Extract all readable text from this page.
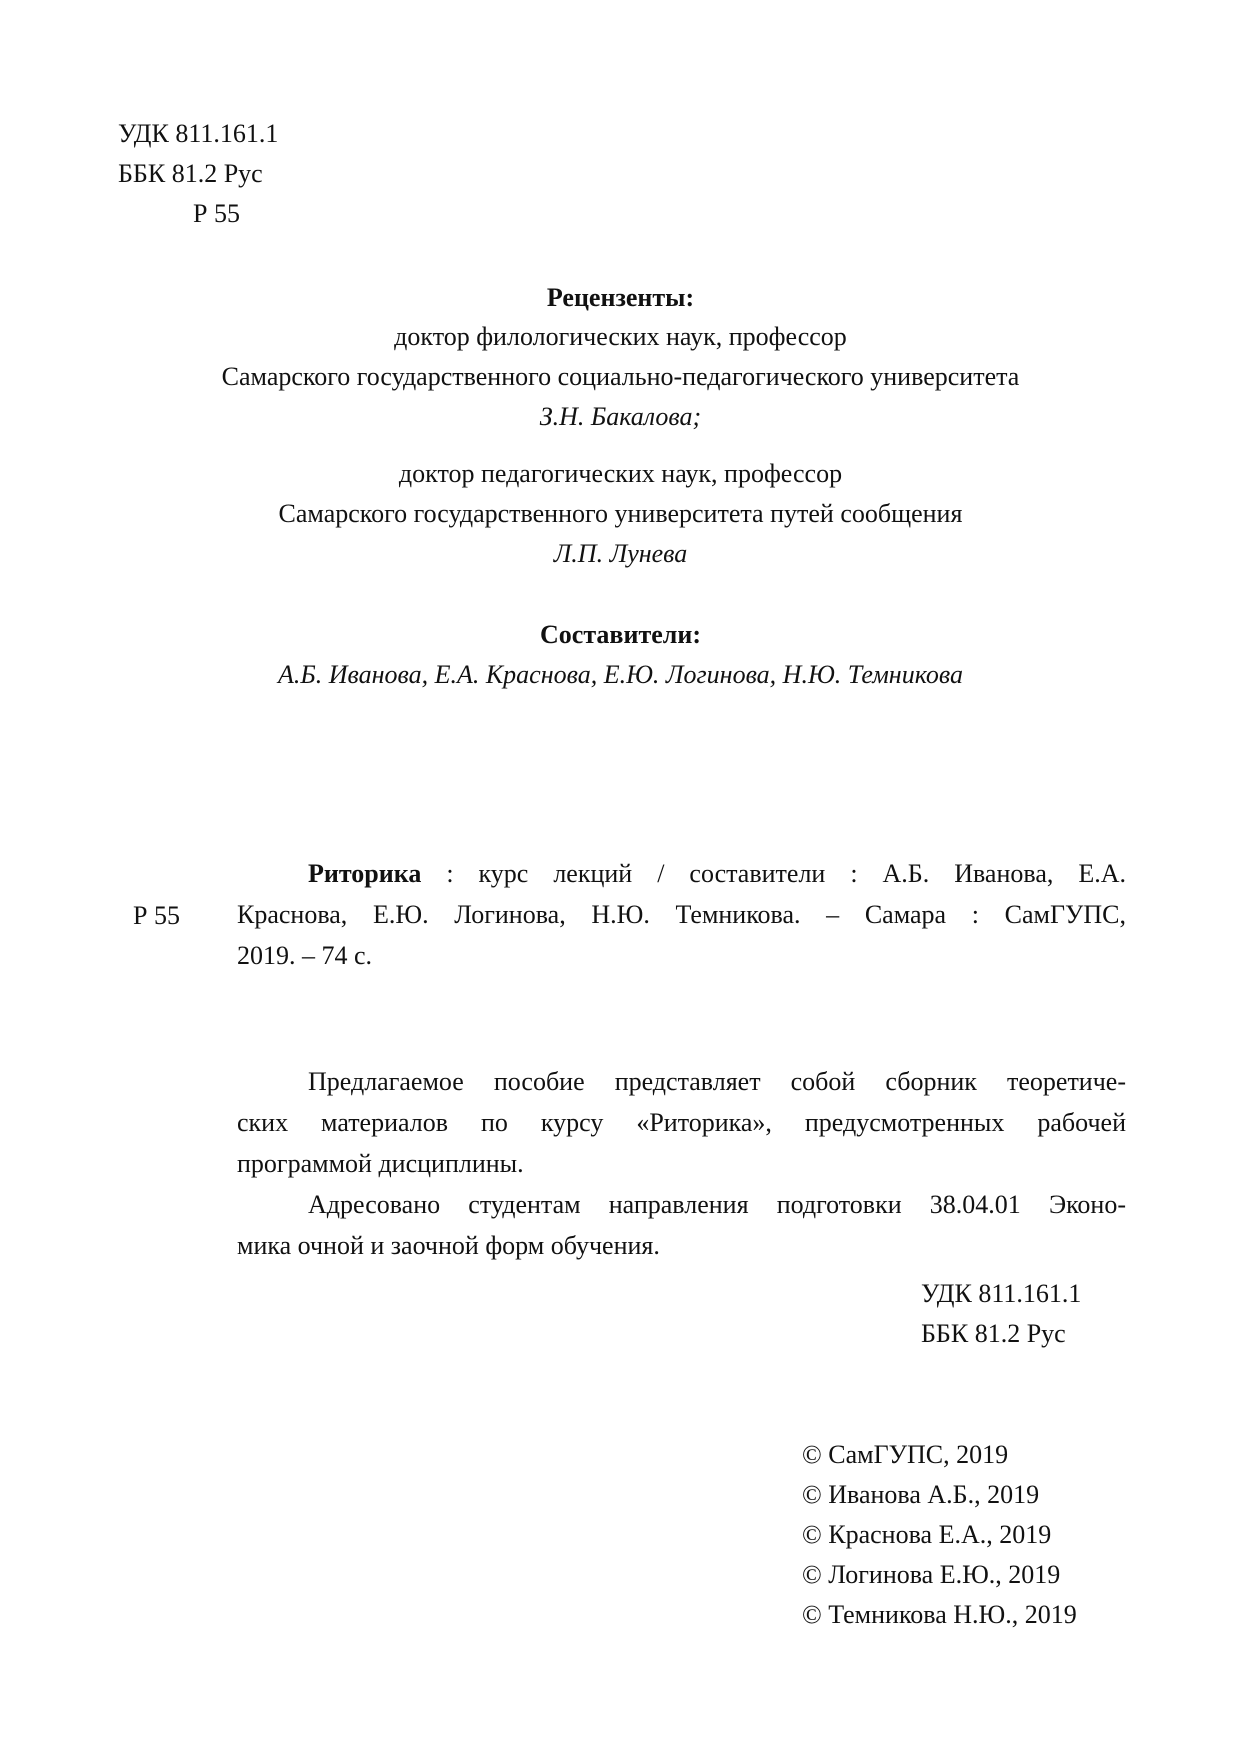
УДК 811.161.1
ББК 81.2 Рус
Р 55
Рецензенты:
доктор филологических наук, профессор
Самарского государственного социально-педагогического университета
З.Н. Бакалова;
доктор педагогических наук, профессор
Самарского государственного университета путей сообщения
Л.П. Лунева
Составители:
А.Б. Иванова, Е.А. Краснова, Е.Ю. Логинова, Н.Ю. Темникова
Р 55
Риторика : курс лекций / составители : А.Б. Иванова, Е.А.
Краснова, Е.Ю. Логинова, Н.Ю. Темникова. – Самара : СамГУПС,
2019. – 74 с.
Предлагаемое пособие представляет собой сборник теоретиче-
ских материалов по курсу «Риторика», предусмотренных рабочей
программой дисциплины.
Адресовано студентам направления подготовки 38.04.01 Эконо-
мика очной и заочной форм обучения.
УДК 811.161.1
ББК 81.2 Рус
© СамГУПС, 2019
© Иванова А.Б., 2019
© Краснова Е.А., 2019
© Логинова Е.Ю., 2019
© Темникова Н.Ю., 2019
